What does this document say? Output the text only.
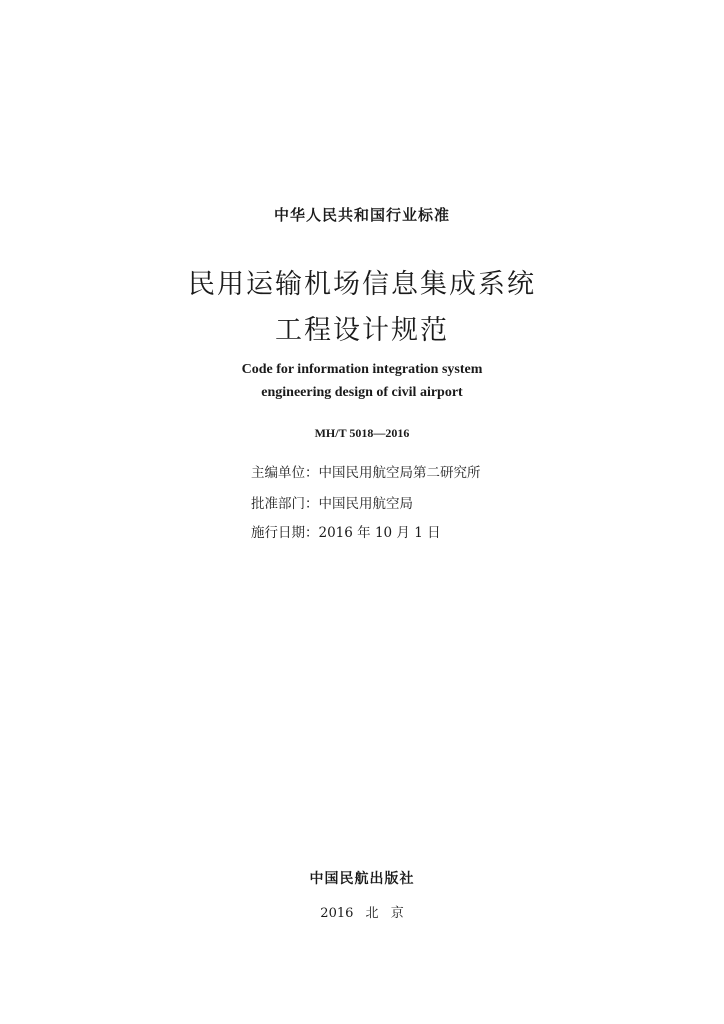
中华人民共和国行业标准
民用运输机场信息集成系统
工程设计规范
Code for information integration system
engineering design of civil airport
MH/T 5018—2016
主编单位：中国民用航空局第二研究所
批准部门：中国民用航空局
施行日期：2016 年 10 月 1 日
中国民航出版社
2016 北 京
